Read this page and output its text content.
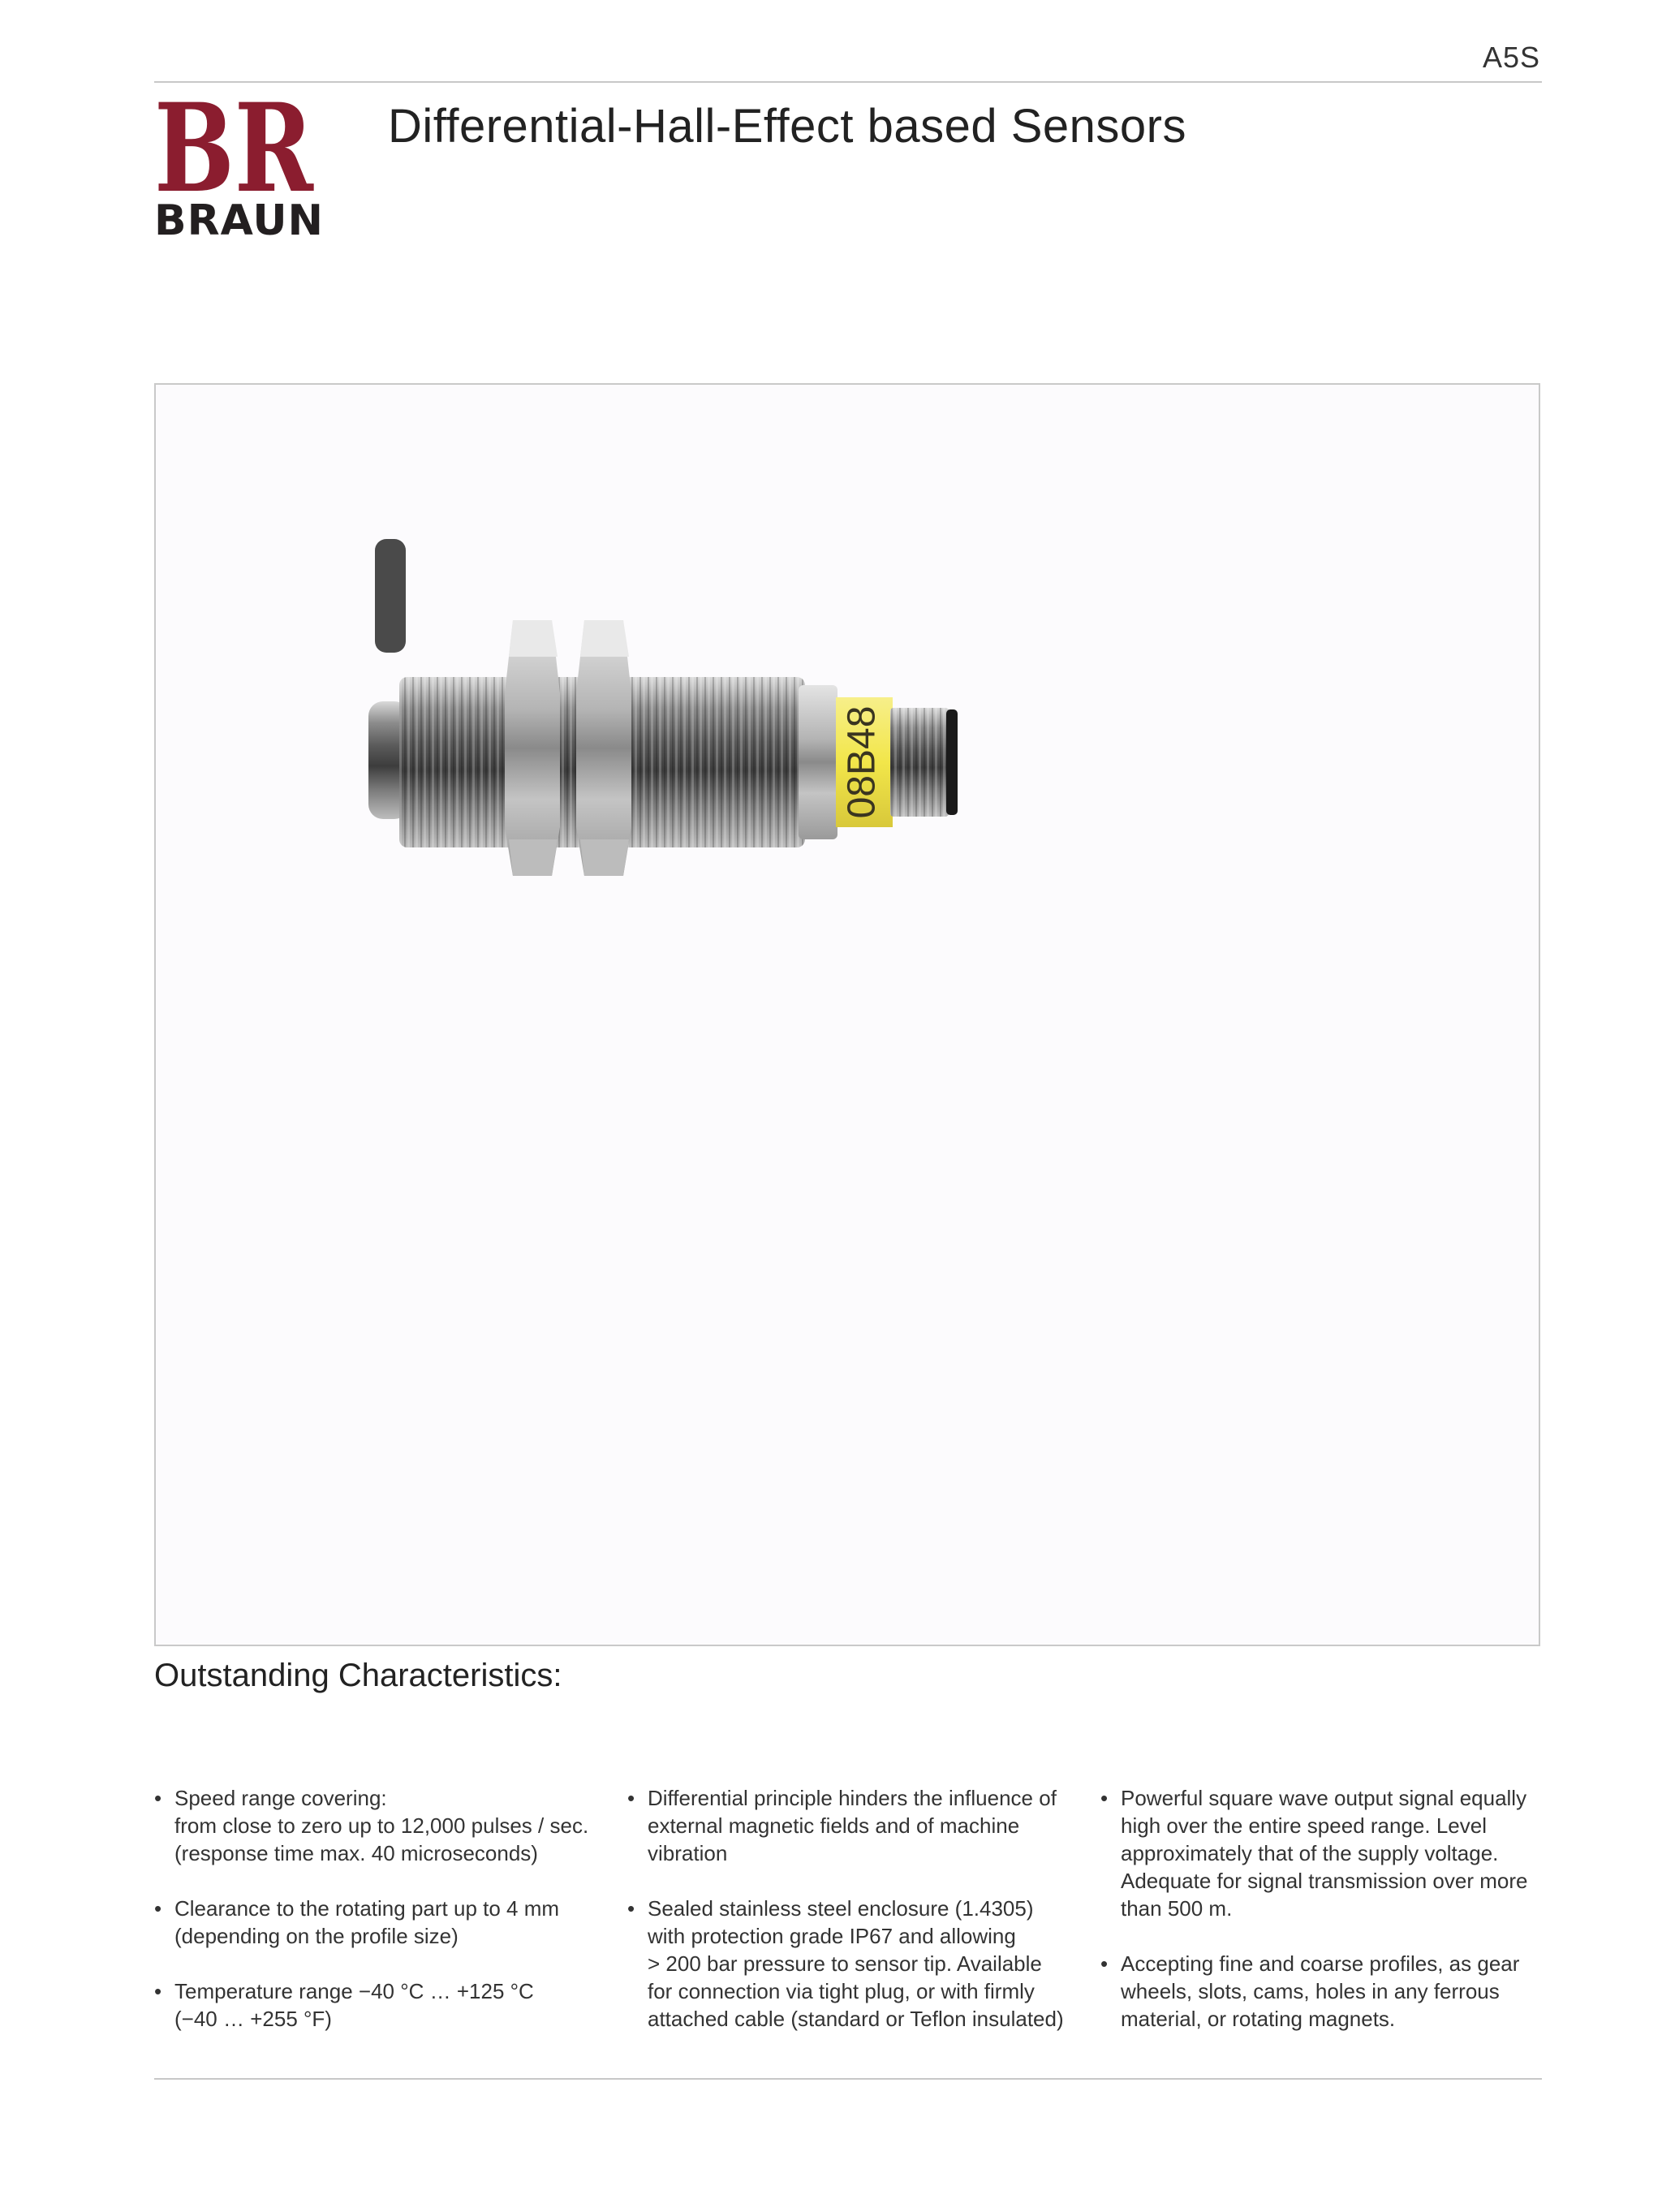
A5S
BR
BRAUN
Differential-Hall-Effect based Sensors
08B48
Outstanding Characteristics:
• Speed range covering:
from close to zero up to 12,000 pulses / sec.
(response time max. 40 microseconds)
• Clearance to the rotating part up to 4 mm
(depending on the profile size)
• Temperature range −40 °C … +125 °C
(−40 … +255 °F)
• Differential principle hinders the influence of
external magnetic fields and of machine
vibration
• Sealed stainless steel enclosure (1.4305)
with protection grade IP67 and allowing
> 200 bar pressure to sensor tip. Available
for connection via tight plug, or with firmly
attached cable (standard or Teflon insulated)
• Powerful square wave output signal equally
high over the entire speed range. Level
approximately that of the supply voltage.
Adequate for signal transmission over more
than 500 m.
• Accepting fine and coarse profiles, as gear
wheels, slots, cams, holes in any ferrous
material, or rotating magnets.
